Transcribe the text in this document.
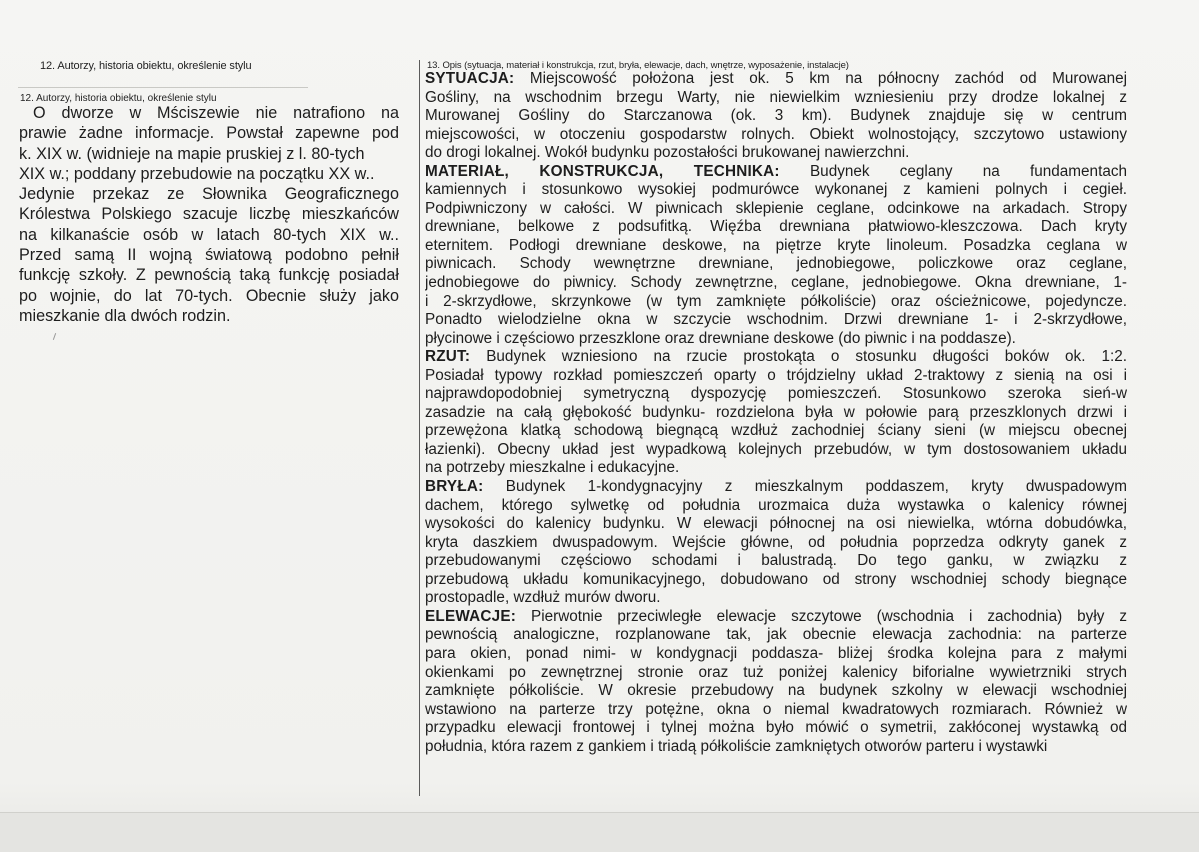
12. Autorzy, historia obiektu, określenie stylu
12. Autorzy, historia obiektu, określenie stylu
O dworze w Mściszewie nie natrafiono na
prawie żadne informacje. Powstał zapewne pod
k. XIX w. (widnieje na mapie pruskiej z l. 80-tych
XIX w.; poddany przebudowie na początku XX w..
Jedynie przekaz ze Słownika Geograficznego
Królestwa Polskiego szacuje liczbę mieszkańców
na kilkanaście osób w latach 80-tych XIX w..
Przed samą II wojną światową podobno pełnił
funkcję szkoły. Z pewnością taką funkcję posiadał
po wojnie, do lat 70-tych. Obecnie służy jako
mieszkanie dla dwóch rodzin.
13. Opis (sytuacja, materiał i konstrukcja, rzut, bryła, elewacje, dach, wnętrze, wyposażenie, instalacje)
SYTUACJA: Miejscowość położona jest ok. 5 km na północny zachód od Murowanej
Gośliny, na wschodnim brzegu Warty, nie niewielkim wzniesieniu przy drodze lokalnej z
Murowanej Gośliny do Starczanowa (ok. 3 km). Budynek znajduje się w centrum
miejscowości, w otoczeniu gospodarstw rolnych. Obiekt wolnostojący, szczytowo ustawiony
do drogi lokalnej. Wokół budynku pozostałości brukowanej nawierzchni.
MATERIAŁ, KONSTRUKCJA, TECHNIKA: Budynek ceglany na fundamentach
kamiennych i stosunkowo wysokiej podmurówce wykonanej z kamieni polnych i cegieł.
Podpiwniczony w całości. W piwnicach sklepienie ceglane, odcinkowe na arkadach. Stropy
drewniane, belkowe z podsufitką. Więźba drewniana płatwiowo-kleszczowa. Dach kryty
eternitem. Podłogi drewniane deskowe, na piętrze kryte linoleum. Posadzka ceglana w
piwnicach. Schody wewnętrzne drewniane, jednobiegowe, policzkowe oraz ceglane,
jednobiegowe do piwnicy. Schody zewnętrzne, ceglane, jednobiegowe. Okna drewniane, 1-
i 2-skrzydłowe, skrzynkowe (w tym zamknięte półkoliście) oraz ościeżnicowe, pojedyncze.
Ponadto wielodzielne okna w szczycie wschodnim. Drzwi drewniane 1- i 2-skrzydłowe,
płycinowe i częściowo przeszklone oraz drewniane deskowe (do piwnic i na poddasze).
RZUT: Budynek wzniesiono na rzucie prostokąta o stosunku długości boków ok. 1:2.
Posiadał typowy rozkład pomieszczeń oparty o trójdzielny układ 2-traktowy z sienią na osi i
najprawdopodobniej symetryczną dyspozycję pomieszczeń. Stosunkowo szeroka sień-w
zasadzie na całą głębokość budynku- rozdzielona była w połowie parą przeszklonych drzwi i
przewężona klatką schodową biegnącą wzdłuż zachodniej ściany sieni (w miejscu obecnej
łazienki). Obecny układ jest wypadkową kolejnych przebudów, w tym dostosowaniem układu
na potrzeby mieszkalne i edukacyjne.
BRYŁA: Budynek 1-kondygnacyjny z mieszkalnym poddaszem, kryty dwuspadowym
dachem, którego sylwetkę od południa urozmaica duża wystawka o kalenicy równej
wysokości do kalenicy budynku. W elewacji północnej na osi niewielka, wtórna dobudówka,
kryta daszkiem dwuspadowym. Wejście główne, od południa poprzedza odkryty ganek z
przebudowanymi częściowo schodami i balustradą. Do tego ganku, w związku z
przebudową układu komunikacyjnego, dobudowano od strony wschodniej schody biegnące
prostopadle, wzdłuż murów dworu.
ELEWACJE: Pierwotnie przeciwległe elewacje szczytowe (wschodnia i zachodnia) były z
pewnością analogiczne, rozplanowane tak, jak obecnie elewacja zachodnia: na parterze
para okien, ponad nimi- w kondygnacji poddasza- bliżej środka kolejna para z małymi
okienkami po zewnętrznej stronie oraz tuż poniżej kalenicy biforialne wywietrzniki strych
zamknięte półkoliście. W okresie przebudowy na budynek szkolny w elewacji wschodniej
wstawiono na parterze trzy potężne, okna o niemal kwadratowych rozmiarach. Również w
przypadku elewacji frontowej i tylnej można było mówić o symetrii, zakłóconej wystawką od
południa, która razem z gankiem i triadą półkoliście zamkniętych otworów parteru i wystawki
